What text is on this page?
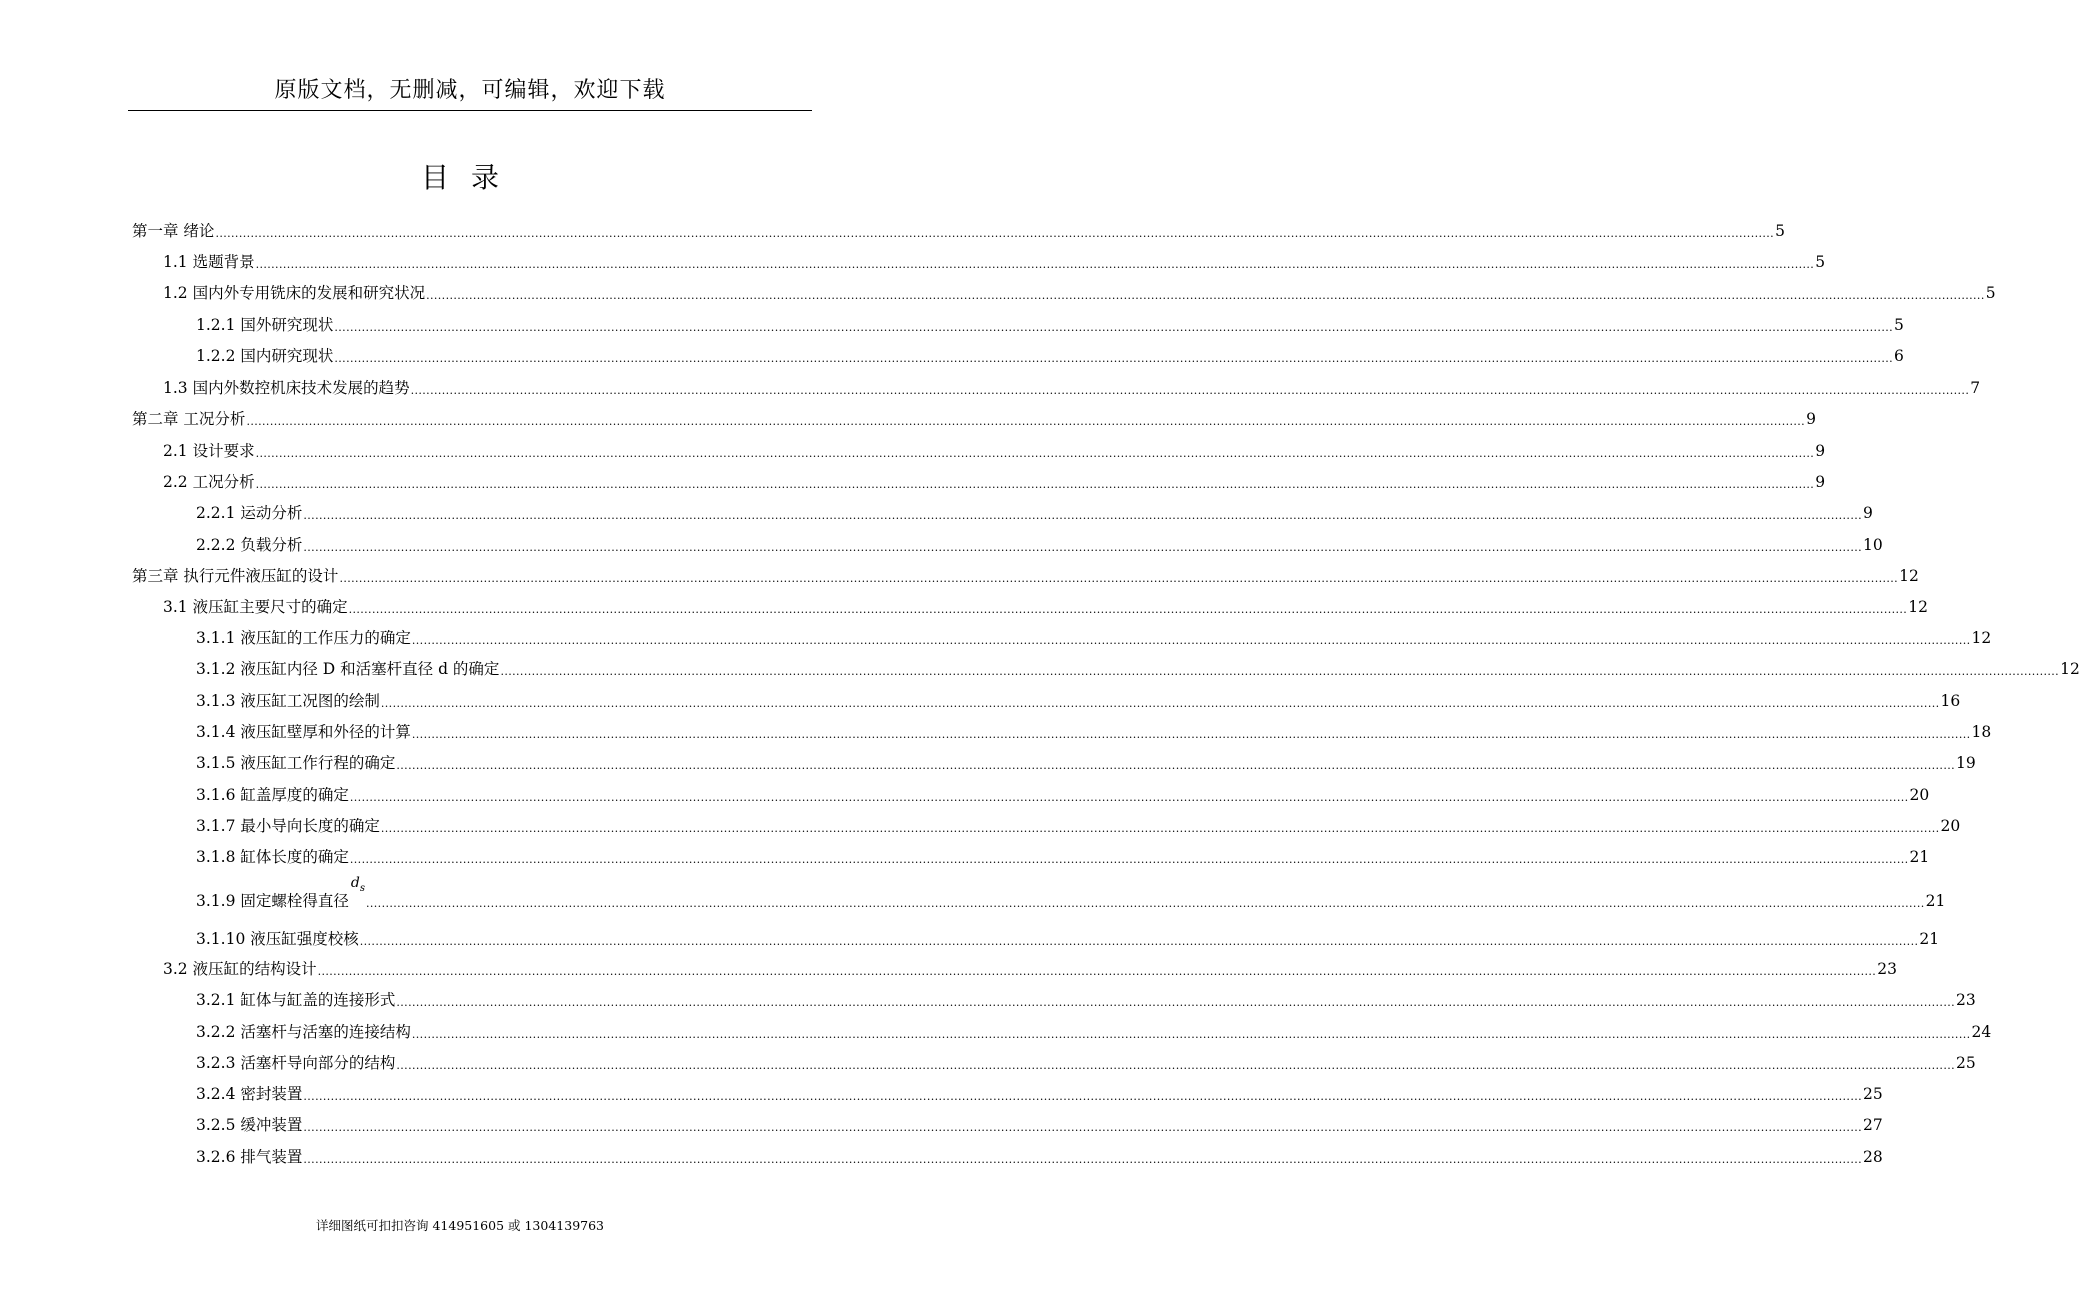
原版文档，无删减，可编辑，欢迎下载
目 录
第一章 绪论 ................................................................................................................................................................................................................................................................................................................................................................................................................ 5
1.1 选题背景 ................................................................................................................................................................................................................................................................................................................................................................................................................ 5
1.2 国内外专用铣床的发展和研究状况 ................................................................................................................................................................................................................................................................................................................................................................................................................ 5
1.2.1 国外研究现状 ................................................................................................................................................................................................................................................................................................................................................................................................................ 5
1.2.2 国内研究现状 ................................................................................................................................................................................................................................................................................................................................................................................................................ 6
1.3 国内外数控机床技术发展的趋势 ................................................................................................................................................................................................................................................................................................................................................................................................................ 7
第二章 工况分析 ................................................................................................................................................................................................................................................................................................................................................................................................................ 9
2.1 设计要求 ................................................................................................................................................................................................................................................................................................................................................................................................................ 9
2.2 工况分析 ................................................................................................................................................................................................................................................................................................................................................................................................................ 9
2.2.1 运动分析 ................................................................................................................................................................................................................................................................................................................................................................................................................ 9
2.2.2 负载分析 ................................................................................................................................................................................................................................................................................................................................................................................................................ 10
第三章 执行元件液压缸的设计 ................................................................................................................................................................................................................................................................................................................................................................................................................ 12
3.1 液压缸主要尺寸的确定 ................................................................................................................................................................................................................................................................................................................................................................................................................ 12
3.1.1 液压缸的工作压力的确定 ................................................................................................................................................................................................................................................................................................................................................................................................................ 12
3.1.2 液压缸内径 D 和活塞杆直径 d 的确定 ................................................................................................................................................................................................................................................................................................................................................................................................................ 12
3.1.3 液压缸工况图的绘制 ................................................................................................................................................................................................................................................................................................................................................................................................................ 16
3.1.4 液压缸壁厚和外径的计算 ................................................................................................................................................................................................................................................................................................................................................................................................................ 18
3.1.5 液压缸工作行程的确定 ................................................................................................................................................................................................................................................................................................................................................................................................................ 19
3.1.6 缸盖厚度的确定 ................................................................................................................................................................................................................................................................................................................................................................................................................ 20
3.1.7 最小导向长度的确定 ................................................................................................................................................................................................................................................................................................................................................................................................................ 20
3.1.8 缸体长度的确定 ................................................................................................................................................................................................................................................................................................................................................................................................................ 21
3.1.9 固定螺栓得直径
$d_s$
................................................................................................................................................................................................................................................................................................................................................................................................................ 21
3.1.10 液压缸强度校核 ................................................................................................................................................................................................................................................................................................................................................................................................................ 21
3.2 液压缸的结构设计 ................................................................................................................................................................................................................................................................................................................................................................................................................ 23
3.2.1 缸体与缸盖的连接形式 ................................................................................................................................................................................................................................................................................................................................................................................................................ 23
3.2.2 活塞杆与活塞的连接结构 ................................................................................................................................................................................................................................................................................................................................................................................................................ 24
3.2.3 活塞杆导向部分的结构 ................................................................................................................................................................................................................................................................................................................................................................................................................ 25
3.2.4 密封装置 ................................................................................................................................................................................................................................................................................................................................................................................................................ 25
3.2.5 缓冲装置 ................................................................................................................................................................................................................................................................................................................................................................................................................ 27
3.2.6 排气装置 ................................................................................................................................................................................................................................................................................................................................................................................................................ 28
详细图纸可扣扣咨询 414951605 或 1304139763
